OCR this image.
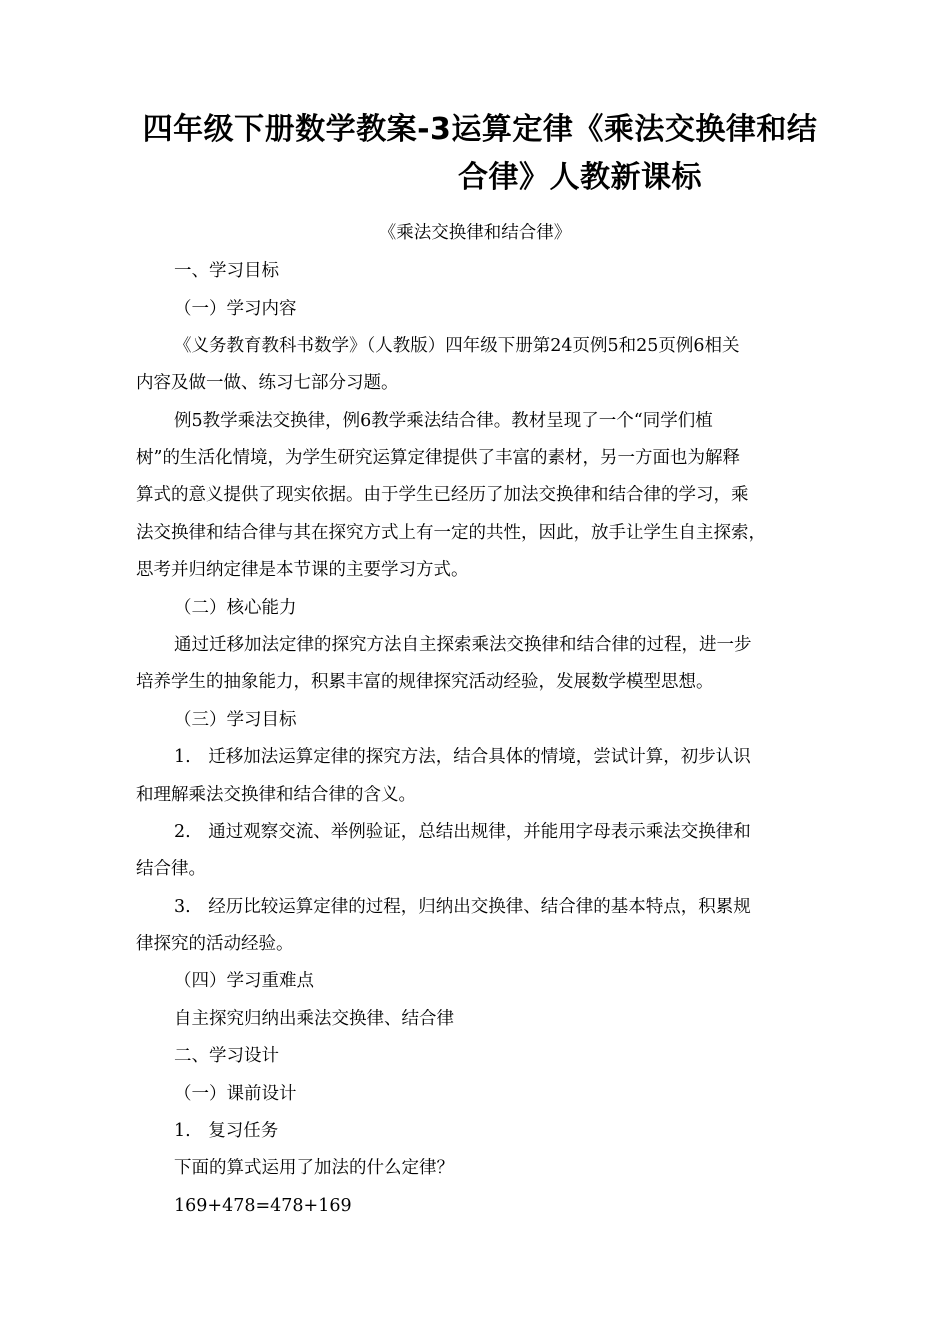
四年级下册数学教案-3运算定律《乘法交换律和结
合律》人教新课标
《乘法交换律和结合律》
一、学习目标
（一）学习内容
《义务教育教科书数学》（人教版）四年级下册第24页例5和25页例6相关
内容及做一做、练习七部分习题。
例5教学乘法交换律，例6教学乘法结合律。教材呈现了一个“同学们植
树”的生活化情境，为学生研究运算定律提供了丰富的素材，另一方面也为解释
算式的意义提供了现实依据。由于学生已经历了加法交换律和结合律的学习，乘
法交换律和结合律与其在探究方式上有一定的共性，因此，放手让学生自主探索，
思考并归纳定律是本节课的主要学习方式。
（二）核心能力
通过迁移加法定律的探究方法自主探索乘法交换律和结合律的过程，进一步
培养学生的抽象能力，积累丰富的规律探究活动经验，发展数学模型思想。
（三）学习目标
1.　迁移加法运算定律的探究方法，结合具体的情境，尝试计算，初步认识
和理解乘法交换律和结合律的含义。
2.　通过观察交流、举例验证，总结出规律，并能用字母表示乘法交换律和
结合律。
3.　经历比较运算定律的过程，归纳出交换律、结合律的基本特点，积累规
律探究的活动经验。
（四）学习重难点
自主探究归纳出乘法交换律、结合律
二、学习设计
（一）课前设计
1.　复习任务
下面的算式运用了加法的什么定律？
169+478=478+169
